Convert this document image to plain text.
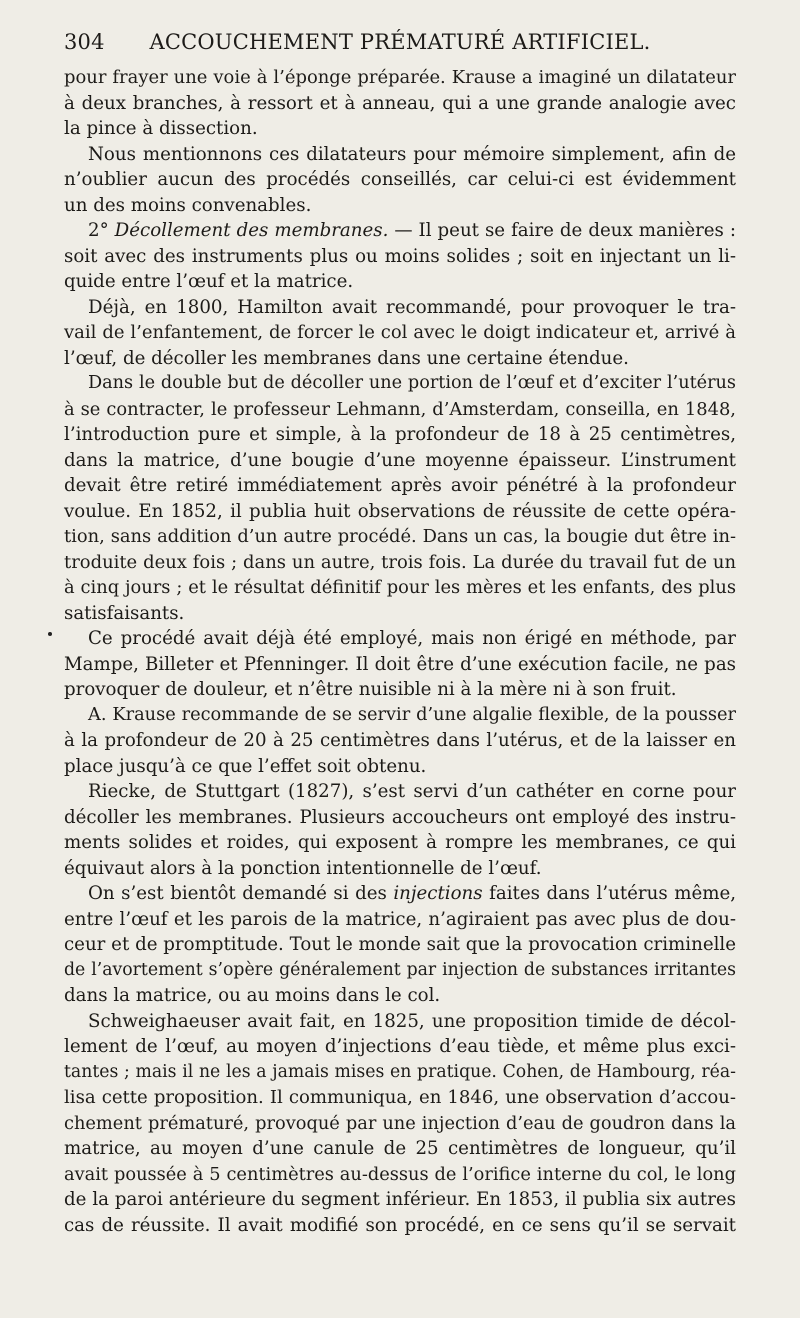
304	ACCOUCHEMENT PRÉMATURÉ ARTIFICIEL.
pour frayer une voie à l’éponge préparée. Krause a imaginé un dilatateur
à deux branches, à ressort et à anneau, qui a une grande analogie avec
la pince à dissection.
Nous mentionnons ces dilatateurs pour mémoire simplement, afin de
n’oublier aucun des procédés conseillés, car celui-ci est évidemment
un des moins convenables.
2° Décollement des membranes. — Il peut se faire de deux manières :
soit avec des instruments plus ou moins solides ; soit en injectant un li-
quide entre l’œuf et la matrice.
Déjà, en 1800, Hamilton avait recommandé, pour provoquer le tra-
vail de l’enfantement, de forcer le col avec le doigt indicateur et, arrivé à
l’œuf, de décoller les membranes dans une certaine étendue.
Dans le double but de décoller une portion de l’œuf et d’exciter l’utérus
à se contracter, le professeur Lehmann, d’Amsterdam, conseilla, en 1848,
l’introduction pure et simple, à la profondeur de 18 à 25 centimètres,
dans la matrice, d’une bougie d’une moyenne épaisseur. L’instrument
devait être retiré immédiatement après avoir pénétré à la profondeur
voulue. En 1852, il publia huit observations de réussite de cette opéra-
tion, sans addition d’un autre procédé. Dans un cas, la bougie dut être in-
troduite deux fois ; dans un autre, trois fois. La durée du travail fut de un
à cinq jours ; et le résultat définitif pour les mères et les enfants, des plus
satisfaisants.
Ce procédé avait déjà été employé, mais non érigé en méthode, par
Mampe, Billeter et Pfenninger. Il doit être d’une exécution facile, ne pas
provoquer de douleur, et n’être nuisible ni à la mère ni à son fruit.
A. Krause recommande de se servir d’une algalie flexible, de la pousser
à la profondeur de 20 à 25 centimètres dans l’utérus, et de la laisser en
place jusqu’à ce que l’effet soit obtenu.
Riecke, de Stuttgart (1827), s’est servi d’un cathéter en corne pour
décoller les membranes. Plusieurs accoucheurs ont employé des instru-
ments solides et roides, qui exposent à rompre les membranes, ce qui
équivaut alors à la ponction intentionnelle de l’œuf.
On s’est bientôt demandé si des injections faites dans l’utérus même,
entre l’œuf et les parois de la matrice, n’agiraient pas avec plus de dou-
ceur et de promptitude. Tout le monde sait que la provocation criminelle
de l’avortement s’opère généralement par injection de substances irritantes
dans la matrice, ou au moins dans le col.
Schweighaeuser avait fait, en 1825, une proposition timide de décol-
lement de l’œuf, au moyen d’injections d’eau tiède, et même plus exci-
tantes ; mais il ne les a jamais mises en pratique. Cohen, de Hambourg, réa-
lisa cette proposition. Il communiqua, en 1846, une observation d’accou-
chement prématuré, provoqué par une injection d’eau de goudron dans la
matrice, au moyen d’une canule de 25 centimètres de longueur, qu’il
avait poussée à 5 centimètres au-dessus de l’orifice interne du col, le long
de la paroi antérieure du segment inférieur. En 1853, il publia six autres
cas de réussite. Il avait modifié son procédé, en ce sens qu’il se servait
